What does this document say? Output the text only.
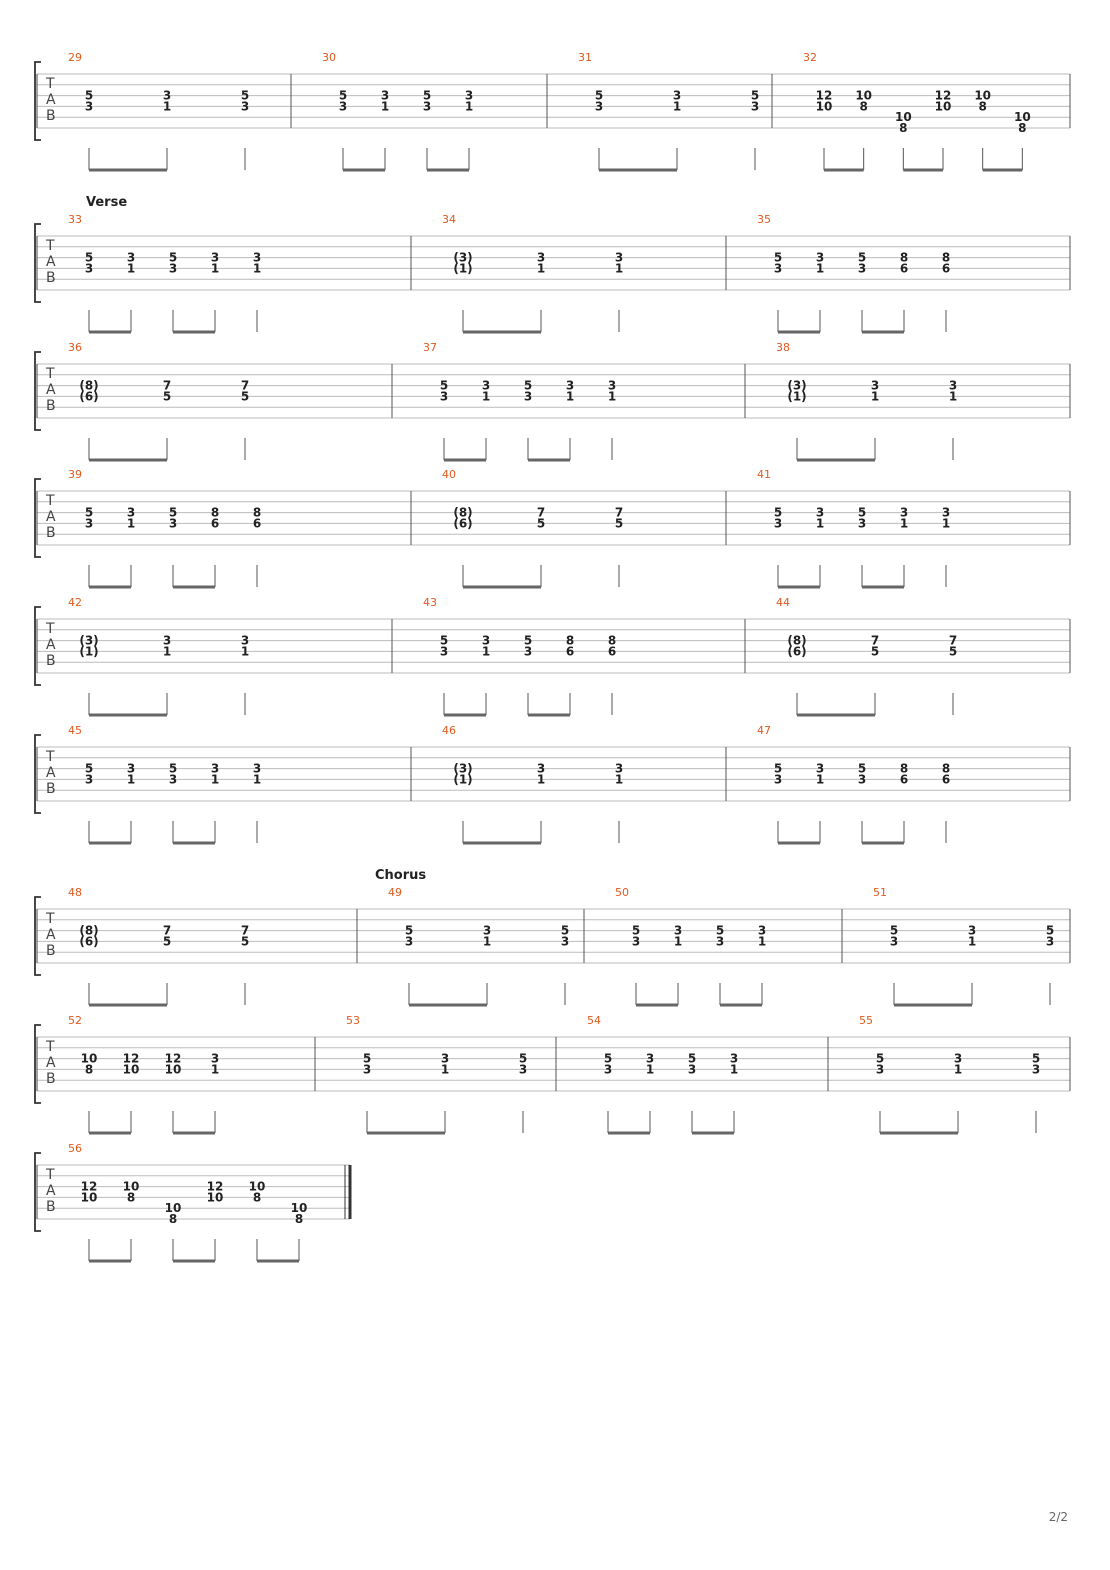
T
A
B
29
5
3
3
1
5
3
30
5
3
3
1
5
3
3
1
31
5
3
3
1
5
3
32
12
10
10
8
10
8
12
10
10
8
10
8
T
A
B
Verse
33
5
3
3
1
5
3
3
1
3
1
34
(3)
(1)
3
1
3
1
35
5
3
3
1
5
3
8
6
8
6
T
A
B
36
(8)
(6)
7
5
7
5
37
5
3
3
1
5
3
3
1
3
1
38
(3)
(1)
3
1
3
1
T
A
B
39
5
3
3
1
5
3
8
6
8
6
40
(8)
(6)
7
5
7
5
41
5
3
3
1
5
3
3
1
3
1
T
A
B
42
(3)
(1)
3
1
3
1
43
5
3
3
1
5
3
8
6
8
6
44
(8)
(6)
7
5
7
5
T
A
B
45
5
3
3
1
5
3
3
1
3
1
46
(3)
(1)
3
1
3
1
47
5
3
3
1
5
3
8
6
8
6
T
A
B
Chorus
48
(8)
(6)
7
5
7
5
49
5
3
3
1
5
3
50
5
3
3
1
5
3
3
1
51
5
3
3
1
5
3
T
A
B
52
10
8
12
10
12
10
3
1
53
5
3
3
1
5
3
54
5
3
3
1
5
3
3
1
55
5
3
3
1
5
3
T
A
B
56
12
10
10
8
10
8
12
10
10
8
10
8
2/2
